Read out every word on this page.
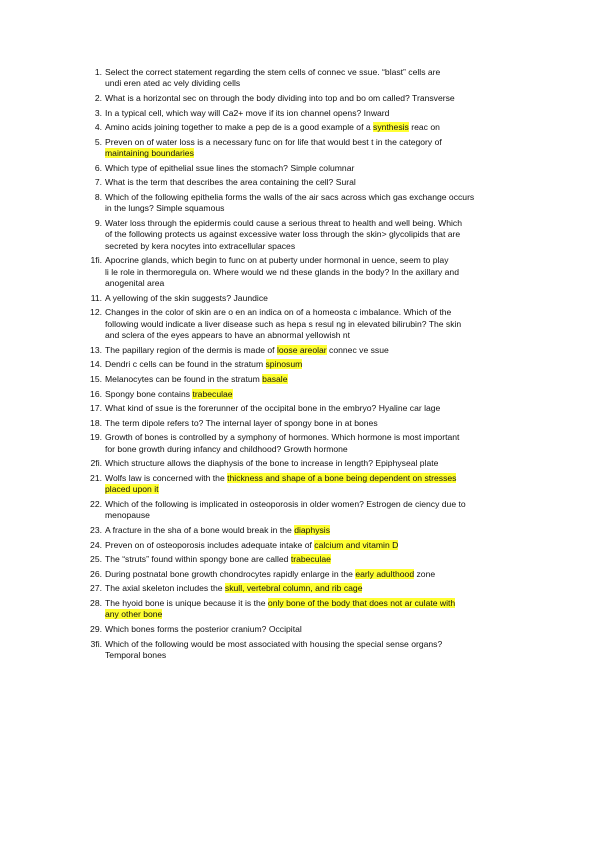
1. Select the correct statement regarding the stem cells of connec ve ssue. “blast” cells are
undi eren ated ac vely dividing cells
2. What is a horizontal sec on through the body dividing into top and bo om called? Transverse
3. In a typical cell, which way will Ca2+ move if its ion channel opens? Inward
4. Amino acids joining together to make a pep de is a good example of a synthesis reac on
5. Preven on of water loss is a necessary func on for life that would best t in the category of
maintaining boundaries
6. Which type of epithelial ssue lines the stomach? Simple columnar
7. What is the term that describes the area containing the cell? Sural
8. Which of the following epithelia forms the walls of the air sacs across which gas exchange occurs
in the lungs? Simple squamous
9. Water loss through the epidermis could cause a serious threat to health and well being. Which
of the following protects us against excessive water loss through the skin> glycolipids that are
secreted by kera nocytes into extracellular spaces
1fi. Apocrine glands, which begin to func on at puberty under hormonal in uence, seem to play
li le role in thermoregula on. Where would we nd these glands in the body? In the axillary and
anogenital area
11. A yellowing of the skin suggests? Jaundice
12. Changes in the color of skin are o en an indica on of a homeosta c imbalance. Which of the
following would indicate a liver disease such as hepa s resul ng in elevated bilirubin? The skin
and sclera of the eyes appears to have an abnormal yellowish nt
13. The papillary region of the dermis is made of loose areolar connec ve ssue
14. Dendri c cells can be found in the stratum spinosum
15. Melanocytes can be found in the stratum basale
16. Spongy bone contains trabeculae
17. What kind of ssue is the forerunner of the occipital bone in the embryo? Hyaline car lage
18. The term dipole refers to? The internal layer of spongy bone in at bones
19. Growth of bones is controlled by a symphony of hormones. Which hormone is most important
for bone growth during infancy and childhood? Growth hormone
2fi. Which structure allows the diaphysis of the bone to increase in length? Epiphyseal plate
21. Wolfs law is concerned with the thickness and shape of a bone being dependent on stresses
placed upon it
22. Which of the following is implicated in osteoporosis in older women? Estrogen de ciency due to
menopause
23. A fracture in the sha of a bone would break in the diaphysis
24. Preven on of osteoporosis includes adequate intake of calcium and vitamin D
25. The “struts” found within spongy bone are called trabeculae
26. During postnatal bone growth chondrocytes rapidly enlarge in the early adulthood zone
27. The axial skeleton includes the skull, vertebral column, and rib cage
28. The hyoid bone is unique because it is the only bone of the body that does not ar culate with
any other bone
29. Which bones forms the posterior cranium? Occipital
3fi. Which of the following would be most associated with housing the special sense organs?
Temporal bones
